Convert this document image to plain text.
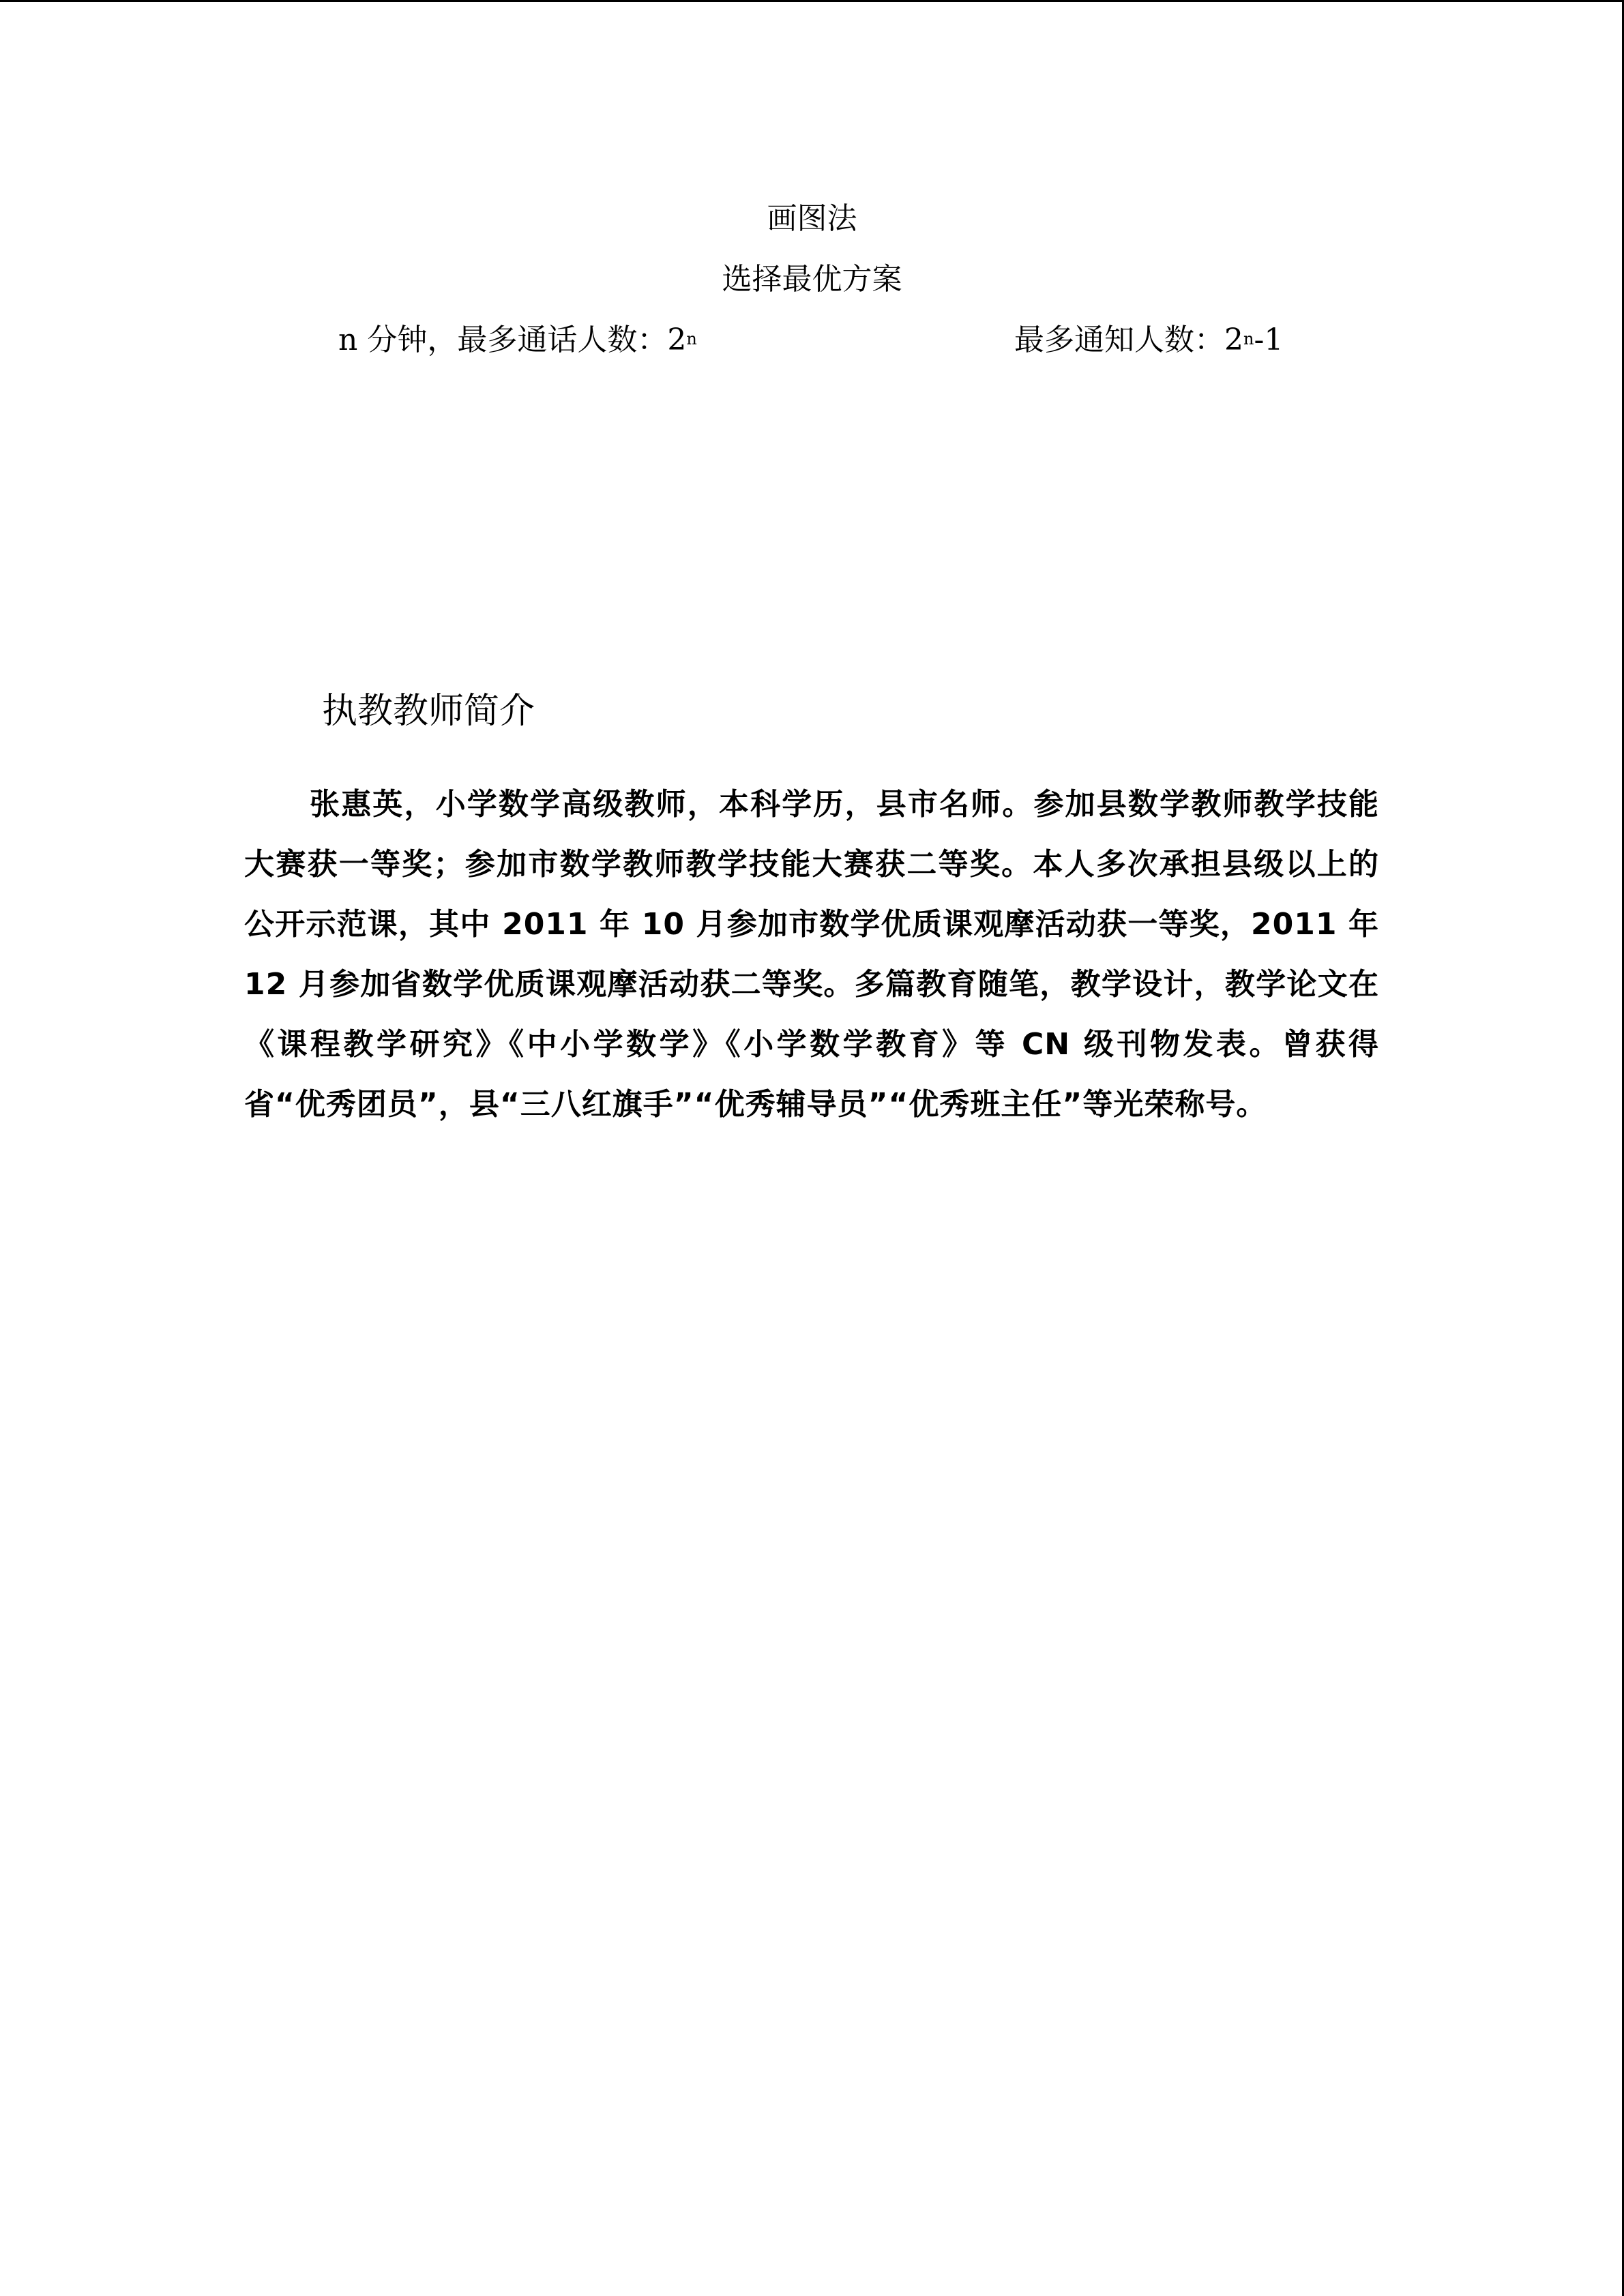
画图法
选择最优方案
n 分钟，最多通话人数：2$^n$	最多通知人数：2$^n$-1
执教教师简介

张惠英，小学数学高级教师，本科学历，县市名师。参加县数学教师教学技能大赛获一等奖；参加市数学教师教学技能大赛获二等奖。本人多次承担县级以上的公开示范课，其中 2011 年 10 月参加市数学优质课观摩活动获一等奖，2011 年 12 月参加省数学优质课观摩活动获二等奖。多篇教育随笔，教学设计，教学论文在《课程教学研究》《中小学数学》《小学数学教育》等 CN 级刊物发表。曾获得省“优秀团员”，县“三八红旗手”“优秀辅导员”“优秀班主任”等光荣称号。
